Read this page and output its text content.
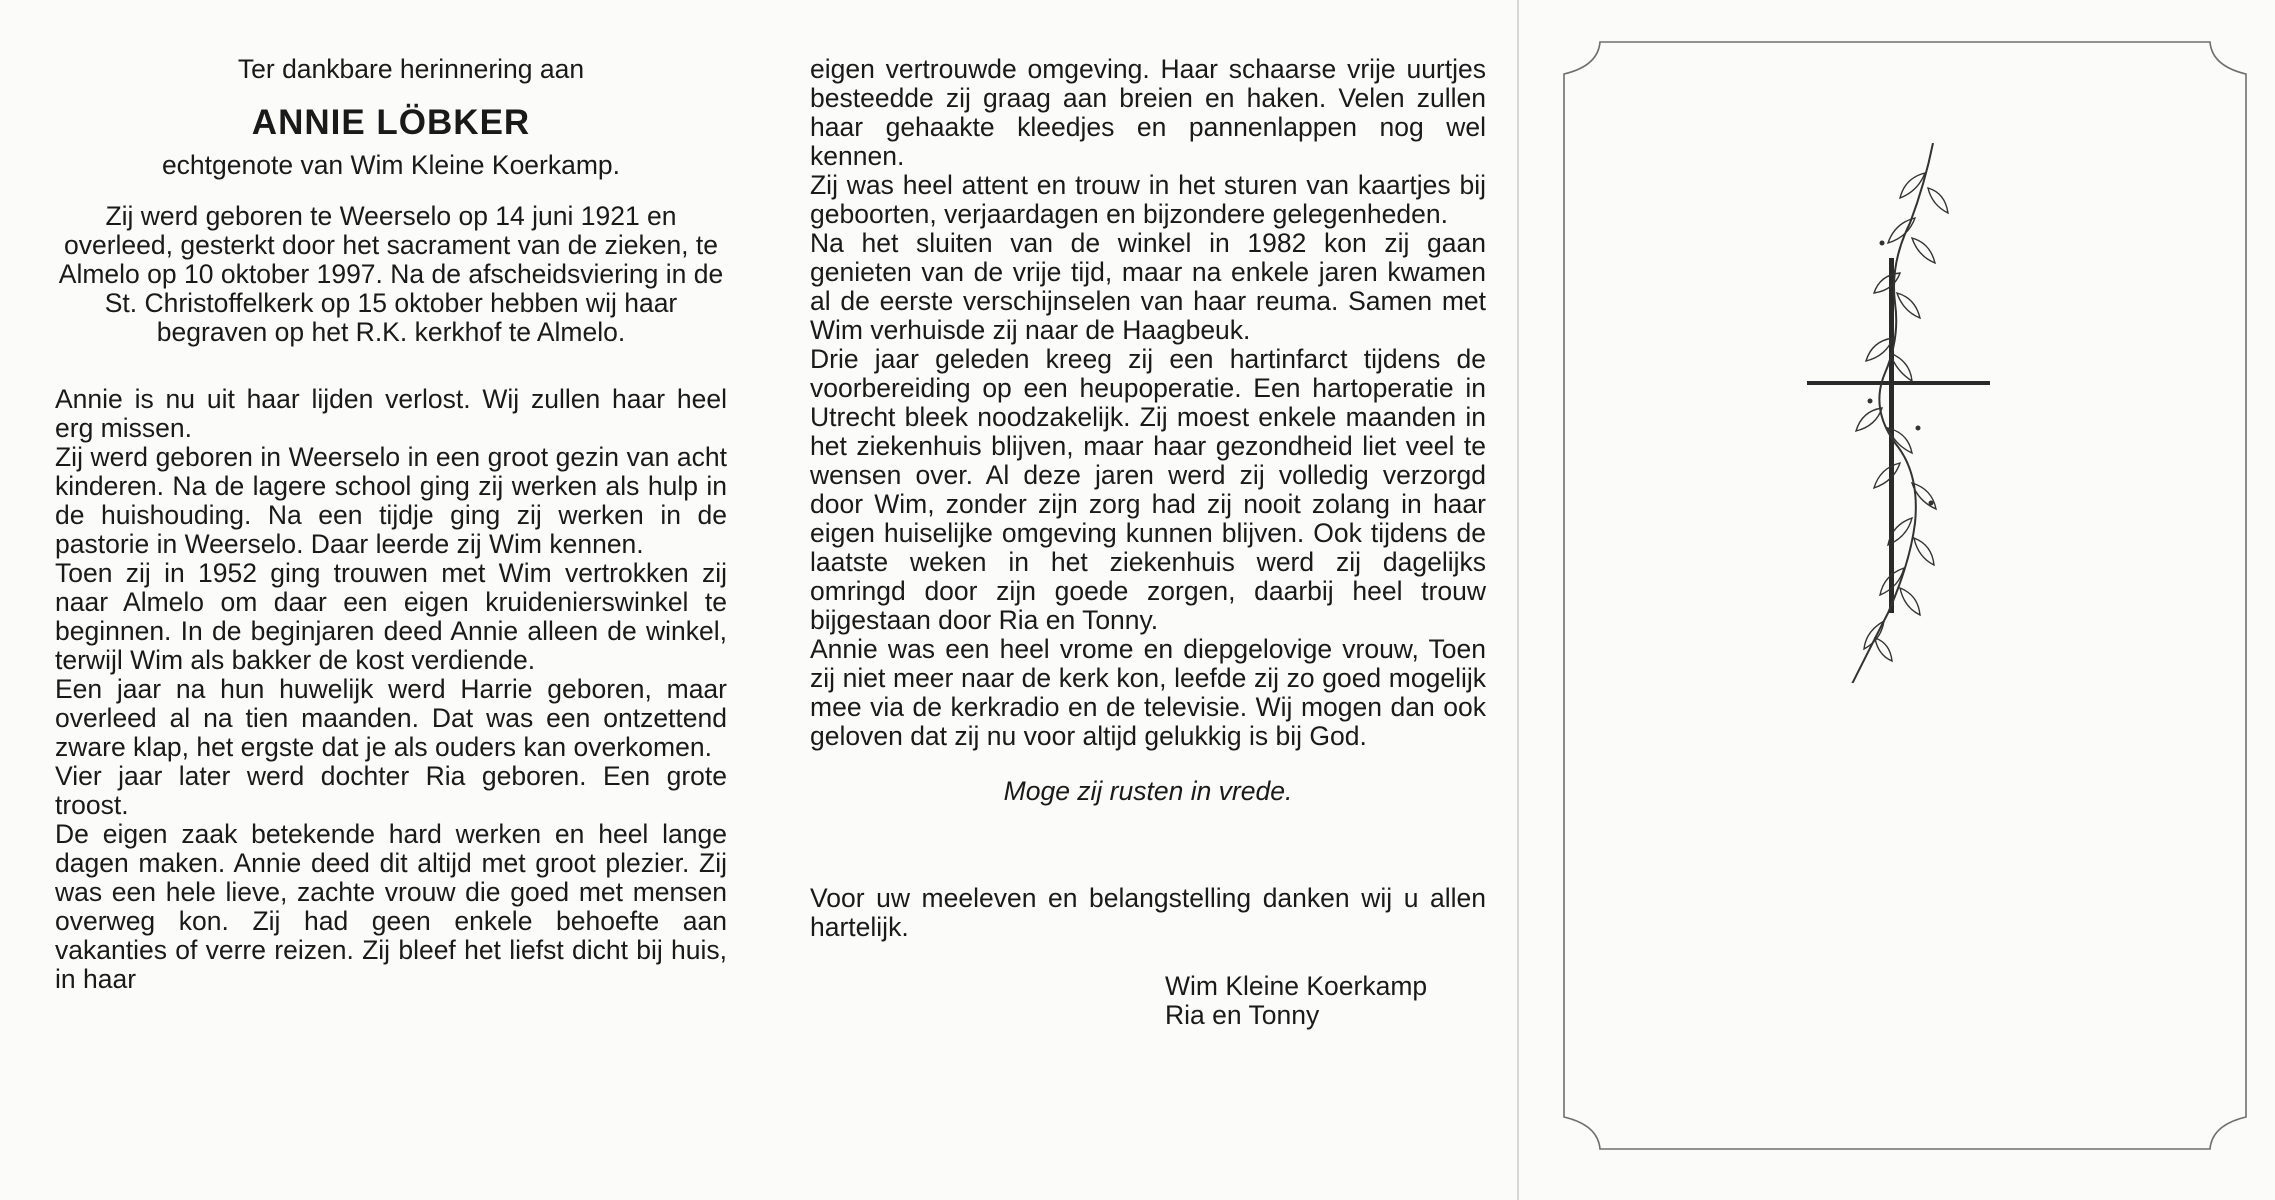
Ter dankbare herinnering aan
ANNIE LÖBKER
echtgenote van Wim Kleine Koerkamp.
Zij werd geboren te Weerselo op 14 juni 1921 en overleed, gesterkt door het sacrament van de zieken, te Almelo op 10 oktober 1997. Na de afscheidsviering in de St. Christoffelkerk op 15 oktober hebben wij haar begraven op het R.K. kerkhof te Almelo.
Annie is nu uit haar lijden verlost. Wij zullen haar heel erg missen.
Zij werd geboren in Weerselo in een groot gezin van acht kinderen. Na de lagere school ging zij werken als hulp in de huishouding. Na een tijdje ging zij werken in de pastorie in Weerselo. Daar leerde zij Wim kennen.
Toen zij in 1952 ging trouwen met Wim vertrokken zij naar Almelo om daar een eigen kruidenierswinkel te beginnen. In de beginjaren deed Annie alleen de winkel, terwijl Wim als bakker de kost verdiende.
Een jaar na hun huwelijk werd Harrie geboren, maar overleed al na tien maanden. Dat was een ontzettend zware klap, het ergste dat je als ouders kan overkomen.
Vier jaar later werd dochter Ria geboren. Een grote troost.
De eigen zaak betekende hard werken en heel lange dagen maken. Annie deed dit altijd met groot plezier. Zij was een hele lieve, zachte vrouw die goed met mensen overweg kon. Zij had geen enkele behoefte aan vakanties of verre reizen. Zij bleef het liefst dicht bij huis, in haar
eigen vertrouwde omgeving. Haar schaarse vrije uurtjes besteedde zij graag aan breien en haken. Velen zullen haar gehaakte kleedjes en pannenlappen nog wel kennen.
Zij was heel attent en trouw in het sturen van kaartjes bij geboorten, verjaardagen en bijzondere gelegenheden.
Na het sluiten van de winkel in 1982 kon zij gaan genieten van de vrije tijd, maar na enkele jaren kwamen al de eerste verschijnselen van haar reuma. Samen met Wim verhuisde zij naar de Haagbeuk.
Drie jaar geleden kreeg zij een hartinfarct tijdens de voorbereiding op een heupoperatie. Een hartoperatie in Utrecht bleek noodzakelijk. Zij moest enkele maanden in het ziekenhuis blijven, maar haar gezondheid liet veel te wensen over. Al deze jaren werd zij volledig verzorgd door Wim, zonder zijn zorg had zij nooit zolang in haar eigen huiselijke omgeving kunnen blijven. Ook tijdens de laatste weken in het ziekenhuis werd zij dagelijks omringd door zijn goede zorgen, daarbij heel trouw bijgestaan door Ria en Tonny.
Annie was een heel vrome en diepgelovige vrouw, Toen zij niet meer naar de kerk kon, leefde zij zo goed mogelijk mee via de kerkradio en de televisie. Wij mogen dan ook geloven dat zij nu voor altijd gelukkig is bij God.
Moge zij rusten in vrede.
Voor uw meeleven en belangstelling danken wij u allen hartelijk.
Wim Kleine Koerkamp
Ria en Tonny
